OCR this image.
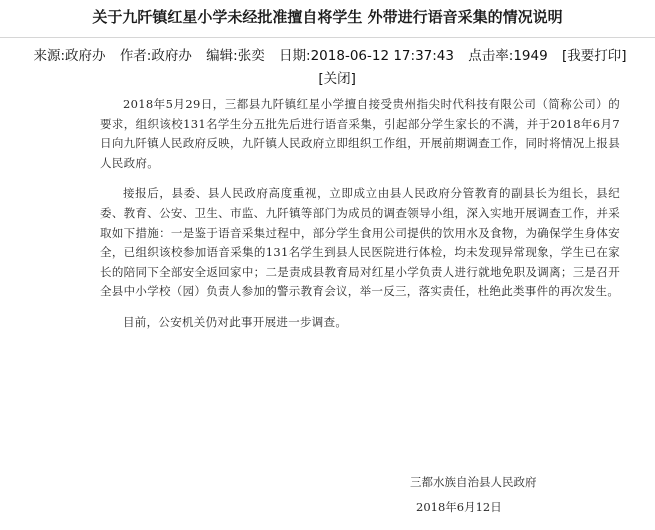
关于九阡镇红星小学未经批准擅自将学生 外带进行语音采集的情况说明
来源:政府办 作者:政府办 编辑:张奕 日期:2018-06-12 17:37:43 点击率:1949 [我要打印] [关闭]

2018年5月29日，三都县九阡镇红星小学擅自接受贵州指尖时代科技有限公司（简称公司）的要求，组织该校131名学生分五批先后进行语音采集，引起部分学生家长的不满，并于2018年6月7日向九阡镇人民政府反映，九阡镇人民政府立即组织工作组，开展前期调查工作，同时将情况上报县人民政府。

接报后，县委、县人民政府高度重视，立即成立由县人民政府分管教育的副县长为组长，县纪委、教育、公安、卫生、市监、九阡镇等部门为成员的调查领导小组，深入实地开展调查工作，并采取如下措施：一是鉴于语音采集过程中，部分学生食用公司提供的饮用水及食物，为确保学生身体安全，已组织该校参加语音采集的131名学生到县人民医院进行体检，均未发现异常现象，学生已在家长的陪同下全部安全返回家中；二是责成县教育局对红星小学负责人进行就地免职及调离；三是召开全县中小学校（园）负责人参加的警示教育会议，举一反三，落实责任，杜绝此类事件的再次发生。

目前，公安机关仍对此事开展进一步调查。

三都水族自治县人民政府
2018年6月12日
